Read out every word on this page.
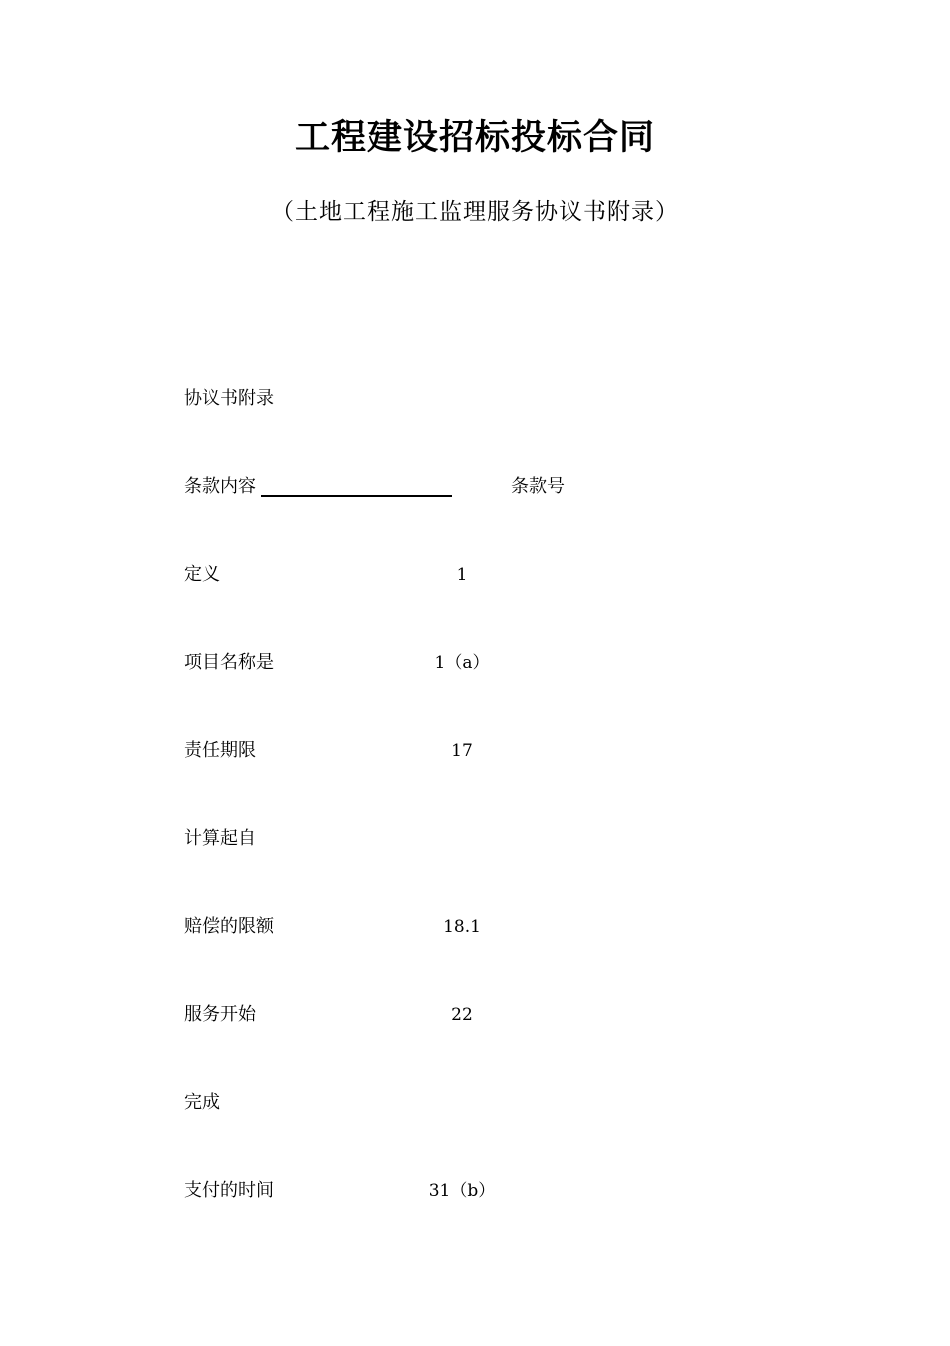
工程建设招标投标合同
（土地工程施工监理服务协议书附录）
协议书附录
条款内容	条款号
定义	1
项目名称是	1（a）
责任期限	17
计算起自
赔偿的限额	18.1
服务开始	22
完成
支付的时间	31（b）
